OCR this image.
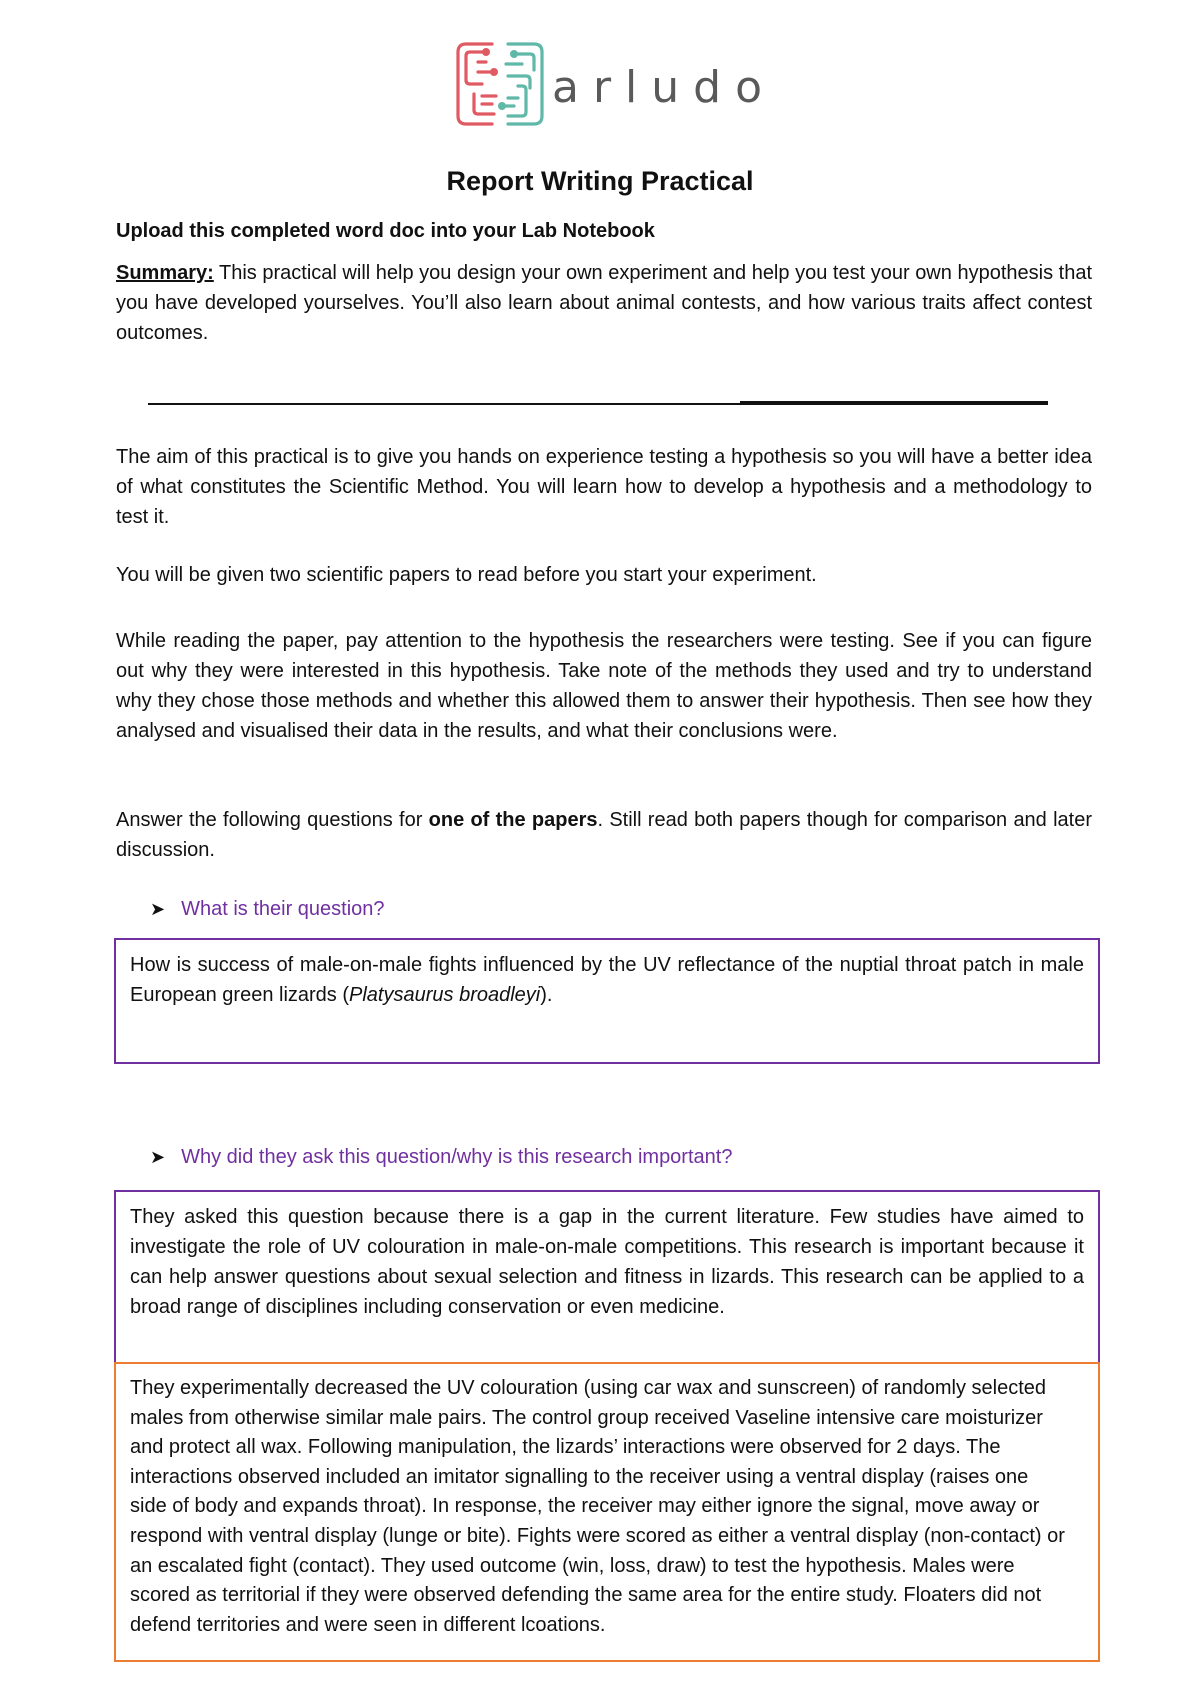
arludo
Report Writing Practical
Upload this completed word doc into your Lab Notebook
Summary: This practical will help you design your own experiment and help you test your own hypothesis that you have developed yourselves. You’ll also learn about animal contests, and how various traits affect contest outcomes.
The aim of this practical is to give you hands on experience testing a hypothesis so you will have a better idea of what constitutes the Scientific Method. You will learn how to develop a hypothesis and a methodology to test it.
You will be given two scientific papers to read before you start your experiment.
While reading the paper, pay attention to the hypothesis the researchers were testing. See if you can figure out why they were interested in this hypothesis. Take note of the methods they used and try to understand why they chose those methods and whether this allowed them to answer their hypothesis. Then see how they analysed and visualised their data in the results, and what their conclusions were.
Answer the following questions for one of the papers. Still read both papers though for comparison and later discussion.
➤ What is their question?
How is success of male-on-male fights influenced by the UV reflectance of the nuptial throat patch in male European green lizards (Platysaurus broadleyi).
➤ Why did they ask this question/why is this research important?
They asked this question because there is a gap in the current literature. Few studies have aimed to investigate the role of UV colouration in male-on-male competitions. This research is important because it can help answer questions about sexual selection and fitness in lizards. This research can be applied to a broad range of disciplines including conservation or even medicine.
They experimentally decreased the UV colouration (using car wax and sunscreen) of randomly selected males from otherwise similar male pairs. The control group received Vaseline intensive care moisturizer and protect all wax. Following manipulation, the lizards’ interactions were observed for 2 days. The interactions observed included an imitator signalling to the receiver using a ventral display (raises one side of body and expands throat). In response, the receiver may either ignore the signal, move away or respond with ventral display (lunge or bite). Fights were scored as either a ventral display (non-contact) or an escalated fight (contact). They used outcome (win, loss, draw) to test the hypothesis. Males were scored as territorial if they were observed defending the same area for the entire study. Floaters did not defend territories and were seen in different lcoations.
